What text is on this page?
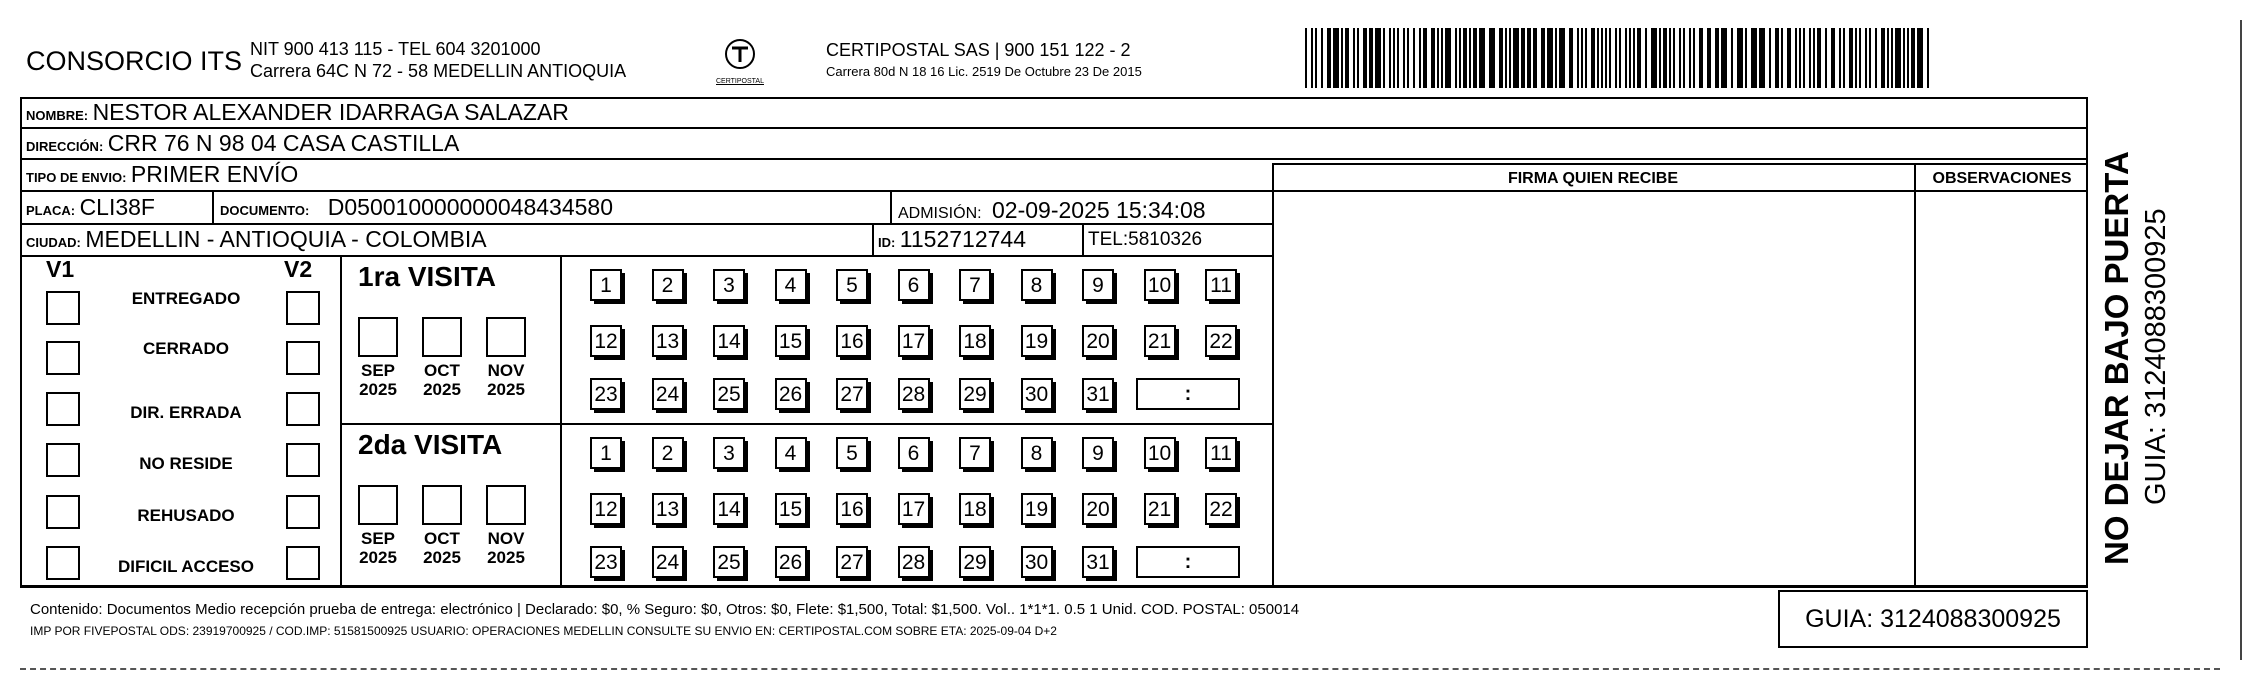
CONSORCIO ITS NIT 900 413 115 - TEL 604 3201000
Carrera 64C N 72 - 58 MEDELLIN ANTIOQUIA
CERTIPOSTAL
CERTIPOSTAL SAS | 900 151 122 - 2
Carrera 80d N 18 16 Lic. 2519 De Octubre 23 De 2015
NOMBRE: NESTOR ALEXANDER IDARRAGA SALAZAR
DIRECCIÓN: CRR 76 N 98 04 CASA CASTILLA
TIPO DE ENVIO: PRIMER ENVÍO
PLACA: CLI38F	DOCUMENTO: D050010000000048434580	ADMISIÓN: 02-09-2025 15:34:08
CIUDAD: MEDELLIN - ANTIOQUIA - COLOMBIA	ID: 1152712744	TEL:5810326
FIRMA QUIEN RECIBE	OBSERVACIONES
V1	V2
ENTREGADO
CERRADO
DIR. ERRADA
NO RESIDE
REHUSADO
DIFICIL ACCESO
1ra VISITA
SEP
2025
OCT
2025
NOV
2025
1	2	3	4	5	6	7	8	9	10 11
12 13 14 15 16 17 18 19 20 21 22
23 24 25 26 27 28 29 30 31	:
2da VISITA
SEP
2025
OCT
2025
NOV
2025
1	2	3	4	5	6	7	8	9	10 11
12 13 14 15 16 17 18 19 20 21 22
23 24 25 26 27 28 29 30 31	:
Contenido: Documentos Medio recepción prueba de entrega: electrónico | Declarado: $0, % Seguro: $0, Otros: $0, Flete: $1,500, Total: $1,500. Vol.. 1*1*1. 0.5 1 Unid. COD. POSTAL: 050014
IMP POR FIVEPOSTAL ODS: 23919700925 / COD.IMP: 51581500925 USUARIO: OPERACIONES MEDELLIN CONSULTE SU ENVIO EN: CERTIPOSTAL.COM SOBRE ETA: 2025-09-04 D+2	GUIA: 3124088300925
NO DEJAR BAJO PUERTA GUIA: 3124088300925
